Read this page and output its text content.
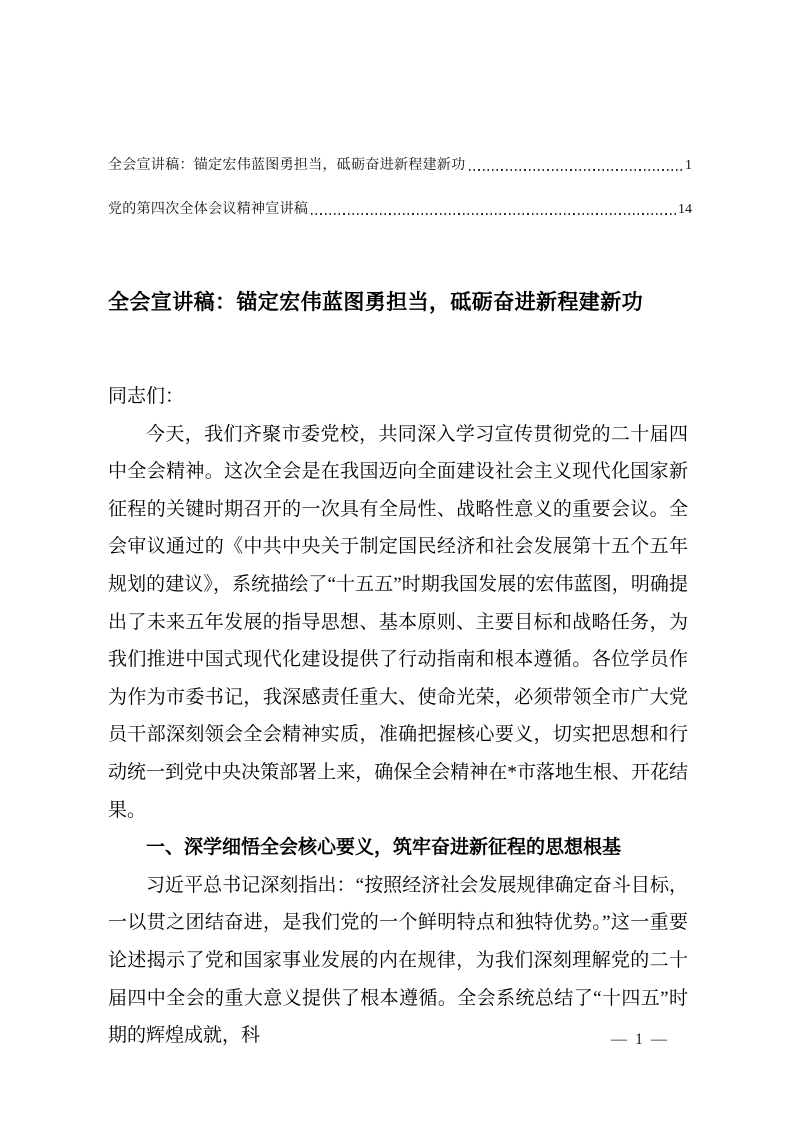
全会宣讲稿：锚定宏伟蓝图勇担当，砥砺奋进新程建新功	1
党的第四次全体会议精神宣讲稿	14
全会宣讲稿：锚定宏伟蓝图勇担当，砥砺奋进新程建新功

同志们：

今天，我们齐聚市委党校，共同深入学习宣传贯彻党的二十届四中全会精神。这次全会是在我国迈向全面建设社会主义现代化国家新征程的关键时期召开的一次具有全局性、战略性意义的重要会议。全会审议通过的《中共中央关于制定国民经济和社会发展第十五个五年规划的建议》，系统描绘了“十五五”时期我国发展的宏伟蓝图，明确提出了未来五年发展的指导思想、基本原则、主要目标和战略任务，为我们推进中国式现代化建设提供了行动指南和根本遵循。各位学员作为作为市委书记，我深感责任重大、使命光荣，必须带领全市广大党员干部深刻领会全会精神实质，准确把握核心要义，切实把思想和行动统一到党中央决策部署上来，确保全会精神在*市落地生根、开花结果。

一、深学细悟全会核心要义，筑牢奋进新征程的思想根基

习近平总书记深刻指出：“按照经济社会发展规律确定奋斗目标，一以贯之团结奋进，是我们党的一个鲜明特点和独特优势。”这一重要论述揭示了党和国家事业发展的内在规律，为我们深刻理解党的二十届四中全会的重大意义提供了根本遵循。全会系统总结了“十四五”时期的辉煌成就，科	— 1 —
